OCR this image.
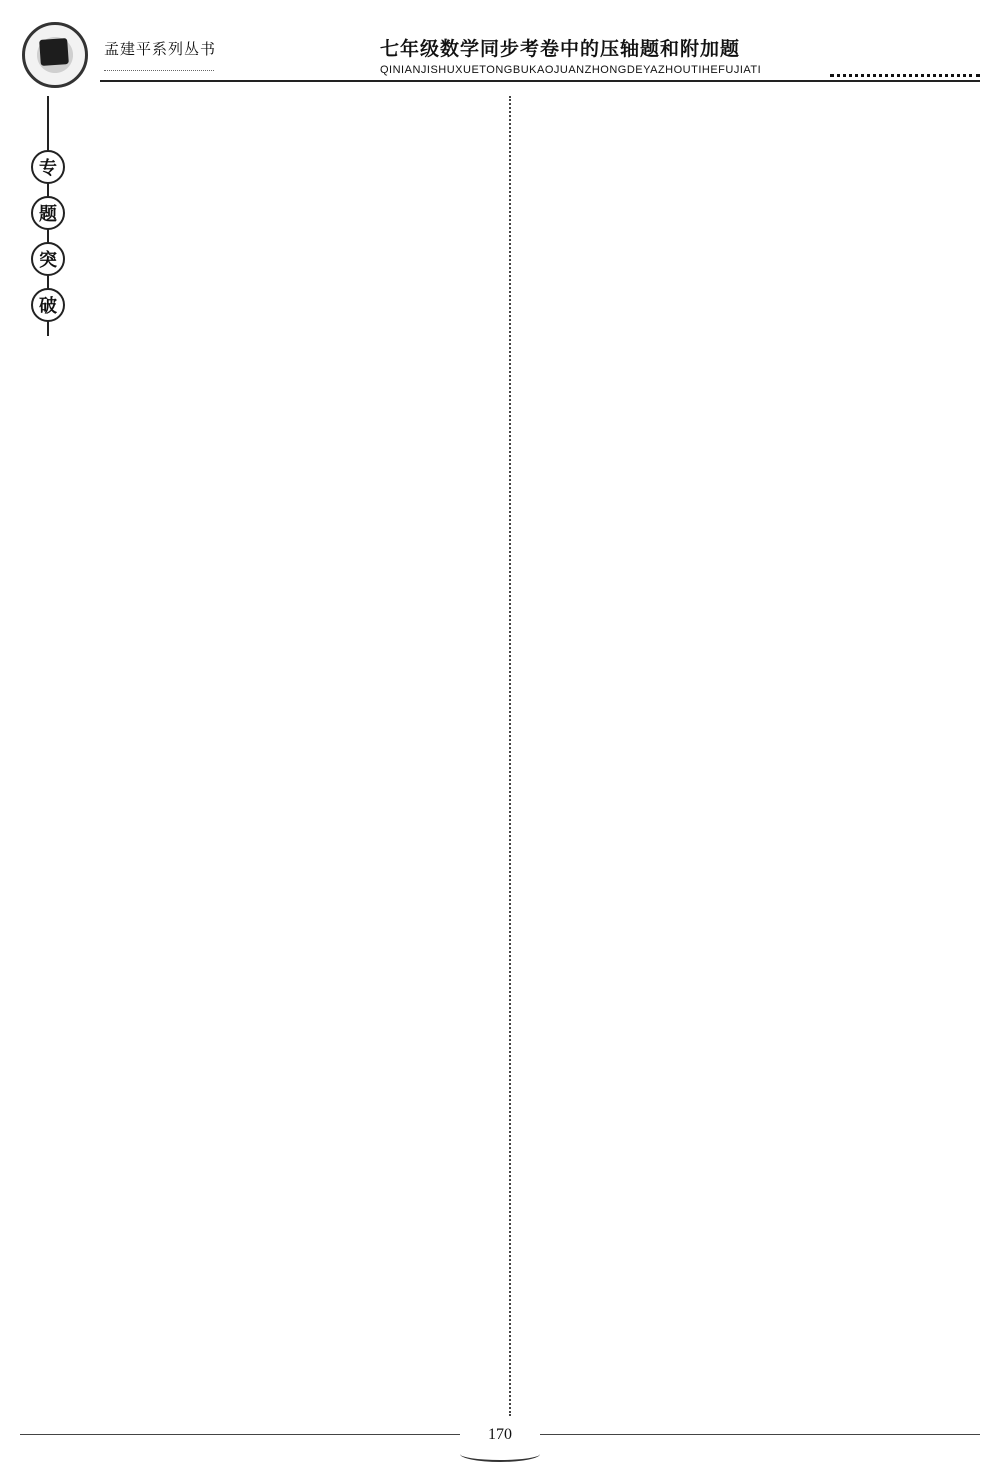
孟建平系列丛书	七年级数学同步考卷中的压轴题和附加题
QINIANJISHUXUETONGBUKAOJUANZHONGDEYAZHOUTIHEFUJIATI
专
题
突
破
170
